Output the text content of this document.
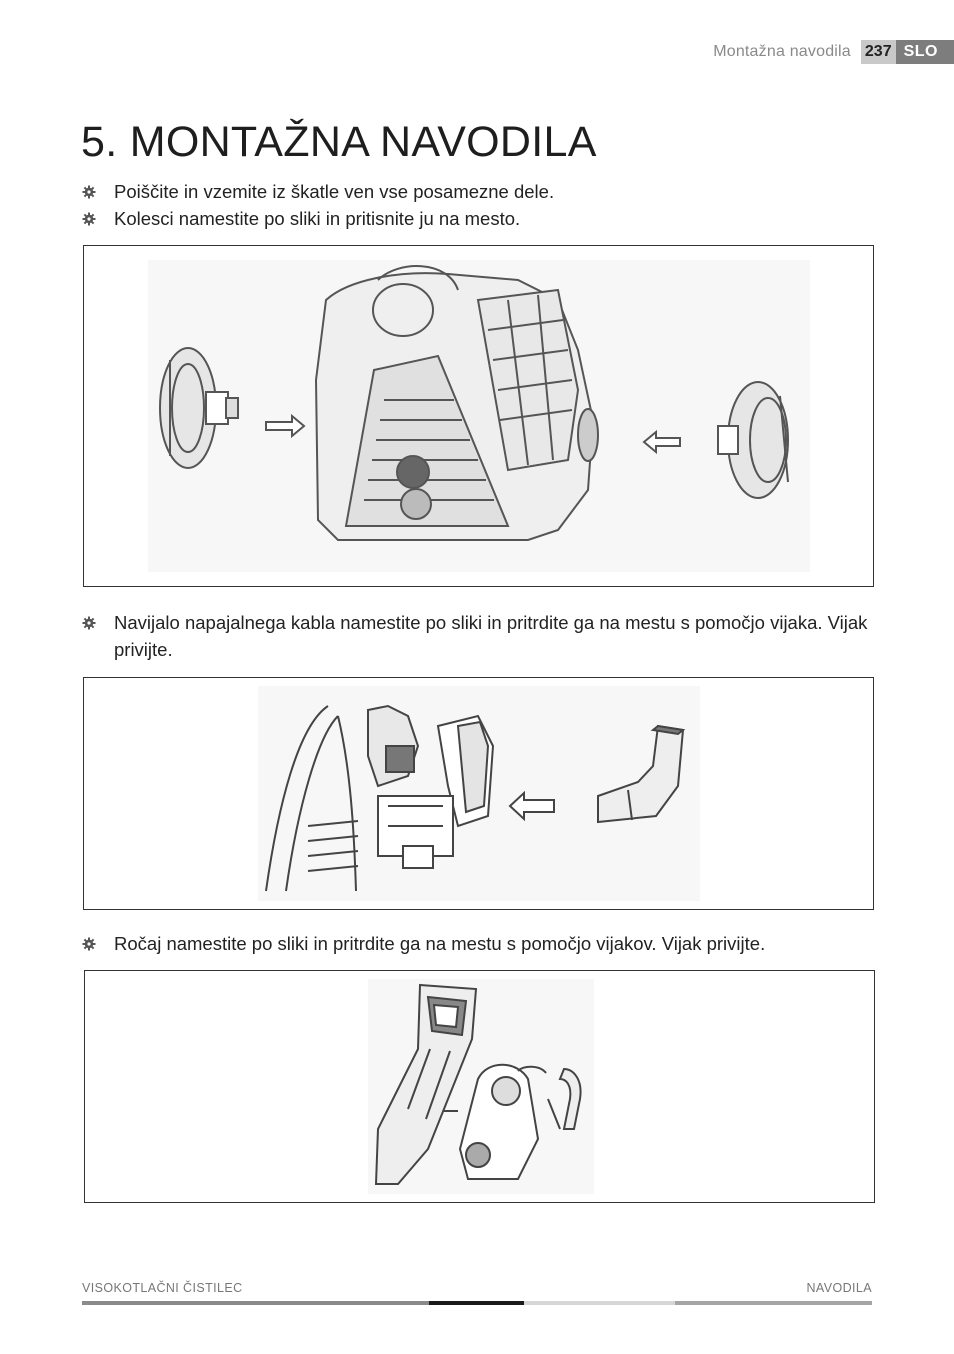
Montažna navodila 237 SLO
5. MONTAŽNA NAVODILA
Poiščite in vzemite iz škatle ven vse posamezne dele.
Kolesci namestite po sliki in pritisnite ju na mesto.
Navijalo napajalnega kabla namestite po sliki in pritrdite ga na mestu s pomočjo vijaka. Vijak privijte.
Ročaj namestite po sliki in pritrdite ga na mestu s pomočjo vijakov. Vijak privijte.
VISOKOTLAČNI ČISTILEC	NAVODILA
